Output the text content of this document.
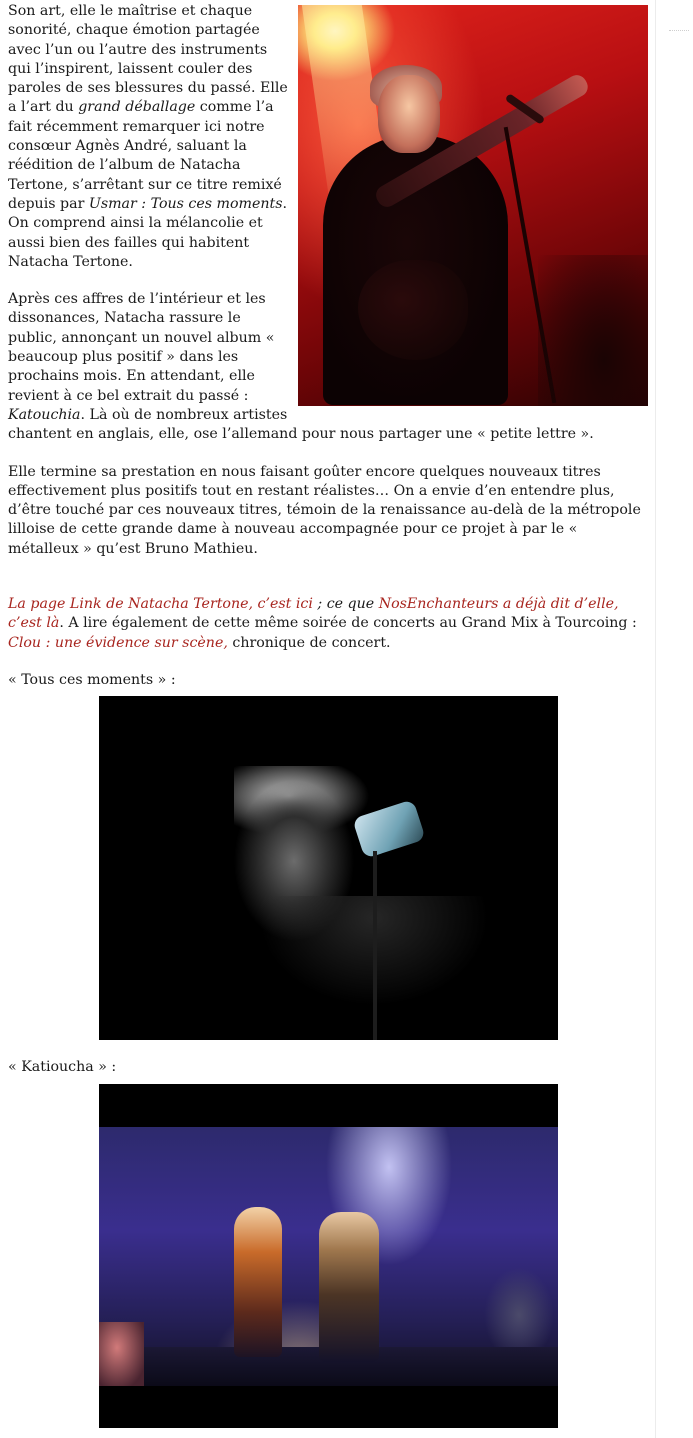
Son art, elle le maîtrise et chaque sonorité, chaque émotion partagée avec l’un ou l’autre des instruments qui l’inspirent, laissent couler des paroles de ses blessures du passé. Elle a l’art du grand déballage comme l’a fait récemment remarquer ici notre consœur Agnès André, saluant la réédition de l’album de Natacha Tertone, s’arrêtant sur ce titre remixé depuis par Usmar : Tous ces moments. On comprend ainsi la mélancolie et aussi bien des failles qui habitent Natacha Tertone.

Après ces affres de l’intérieur et les dissonances, Natacha rassure le public, annonçant un nouvel album « beaucoup plus positif » dans les prochains mois. En attendant, elle revient à ce bel extrait du passé : Katouchia. Là où de nombreux artistes chantent en anglais, elle, ose l’allemand pour nous partager une « petite lettre ».

Elle termine sa prestation en nous faisant goûter encore quelques nouveaux titres effectivement plus positifs tout en restant réalistes… On a envie d’en entendre plus, d’être touché par ces nouveaux titres, témoin de la renaissance au-delà de la métropole lilloise de cette grande dame à nouveau accompagnée pour ce projet à par le « métalleux » qu’est Bruno Mathieu.

La page Link de Natacha Tertone, c’est ici ; ce que NosEnchanteurs a déjà dit d’elle, c’est là. A lire également de cette même soirée de concerts au Grand Mix à Tourcoing : Clou : une évidence sur scène, chronique de concert.

« Tous ces moments » :

« Katioucha » :
